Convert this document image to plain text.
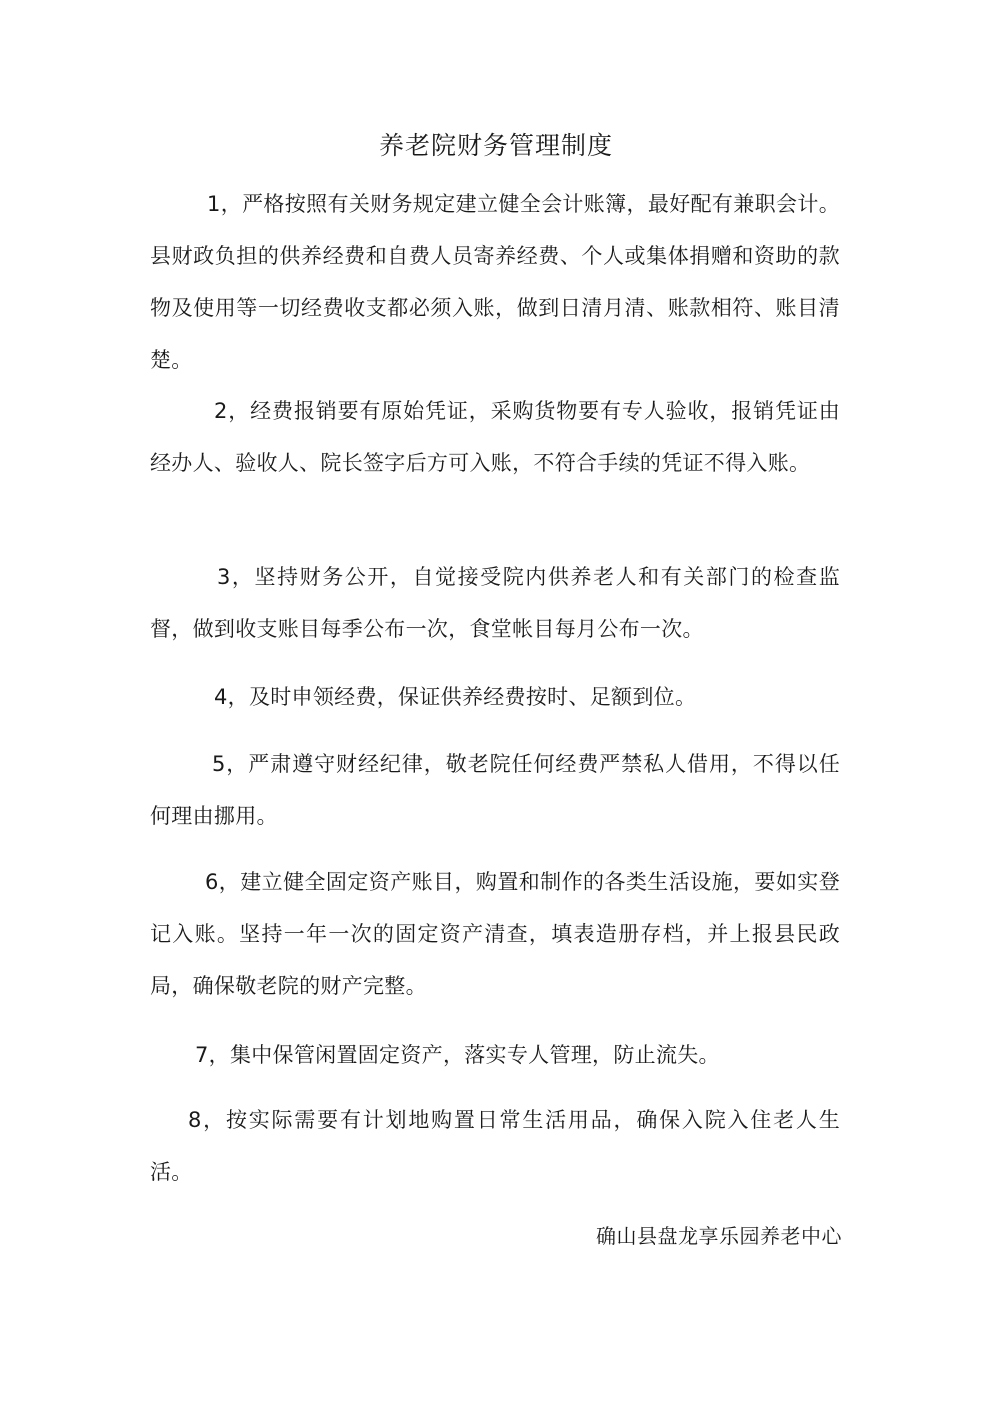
养老院财务管理制度

1，严格按照有关财务规定建立健全会计账簿，最好配有兼职会计。县财政负担的供养经费和自费人员寄养经费、个人或集体捐赠和资助的款物及使用等一切经费收支都必须入账，做到日清月清、账款相符、账目清楚。

2，经费报销要有原始凭证，采购货物要有专人验收，报销凭证由经办人、验收人、院长签字后方可入账，不符合手续的凭证不得入账。

3，坚持财务公开，自觉接受院内供养老人和有关部门的检查监督，做到收支账目每季公布一次，食堂帐目每月公布一次。

4，及时申领经费，保证供养经费按时、足额到位。

5，严肃遵守财经纪律，敬老院任何经费严禁私人借用，不得以任何理由挪用。

6，建立健全固定资产账目，购置和制作的各类生活设施，要如实登记入账。坚持一年一次的固定资产清查，填表造册存档，并上报县民政局，确保敬老院的财产完整。

7，集中保管闲置固定资产，落实专人管理，防止流失。

8，按实际需要有计划地购置日常生活用品，确保入院入住老人生活。

确山县盘龙享乐园养老中心
